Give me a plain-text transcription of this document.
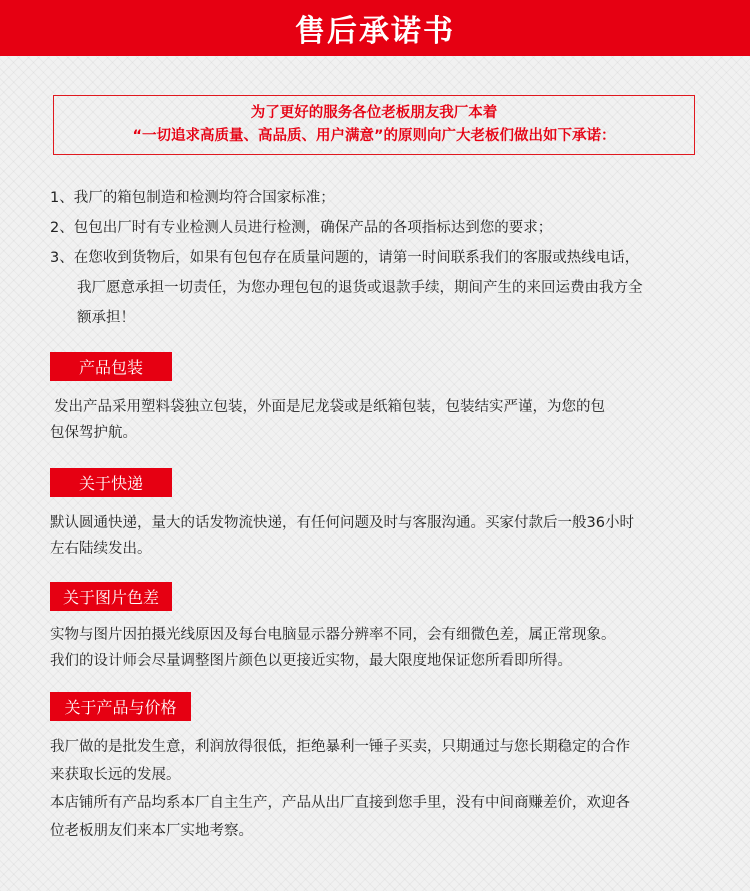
售后承诺书
为了更好的服务各位老板朋友我厂本着
“一切追求高质量、高品质、用户满意”的原则向广大老板们做出如下承诺：
1、我厂的箱包制造和检测均符合国家标准；
2、包包出厂时有专业检测人员进行检测，确保产品的各项指标达到您的要求；
3、在您收到货物后，如果有包包存在质量问题的，请第一时间联系我们的客服或热线电话，
我厂愿意承担一切责任，为您办理包包的退货或退款手续，期间产生的来回运费由我方全
额承担！
产品包装

发出产品采用塑料袋独立包装，外面是尼龙袋或是纸箱包装，包装结实严谨，为您的包

包保驾护航。

关于快递

默认圆通快递，量大的话发物流快递，有任何问题及时与客服沟通。买家付款后一般36小时

左右陆续发出。

关于图片色差

实物与图片因拍摄光线原因及每台电脑显示器分辨率不同，会有细微色差，属正常现象。

我们的设计师会尽量调整图片颜色以更接近实物，最大限度地保证您所看即所得。

关于产品与价格

我厂做的是批发生意，利润放得很低，拒绝暴利一锤子买卖，只期通过与您长期稳定的合作

来获取长远的发展。

本店铺所有产品均系本厂自主生产，产品从出厂直接到您手里，没有中间商赚差价，欢迎各

位老板朋友们来本厂实地考察。
